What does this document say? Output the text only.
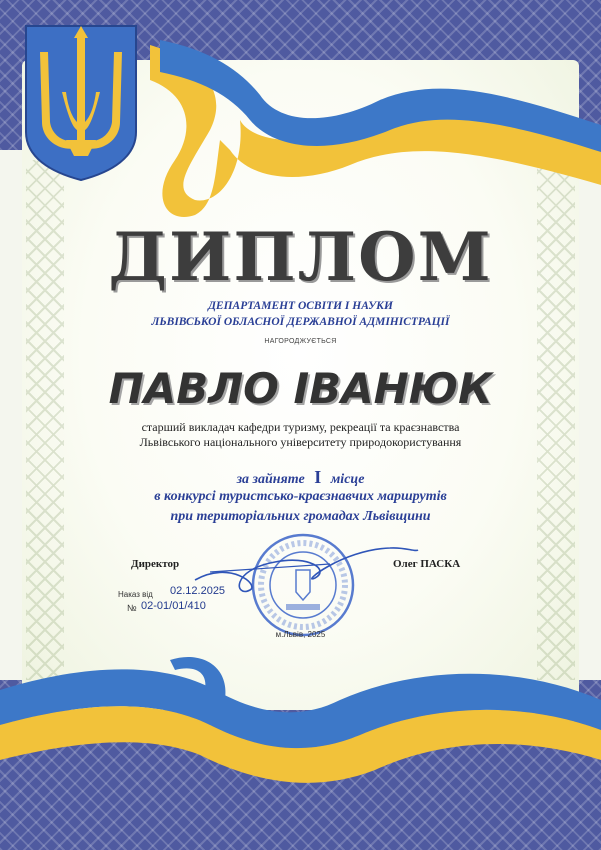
ДИПЛОМ
ДЕПАРТАМЕНТ ОСВІТИ І НАУКИ
ЛЬВІВСЬКОЇ ОБЛАСНОЇ ДЕРЖАВНОЇ АДМІНІСТРАЦІЇ
НАГОРОДЖУЄТЬСЯ
ПАВЛО ІВАНЮК
старший викладач кафедри туризму, рекреації та краєзнавства
Львівського національного університету природокористування
за зайняте I місце
в конкурсі туристсько-краєзнавчих маршрутів
при територіальних громадах Львівщини
Директор	Олег ПАСКА
Наказ від 02.12.2025
№ 02-01/01/410
м.Львів, 2025
